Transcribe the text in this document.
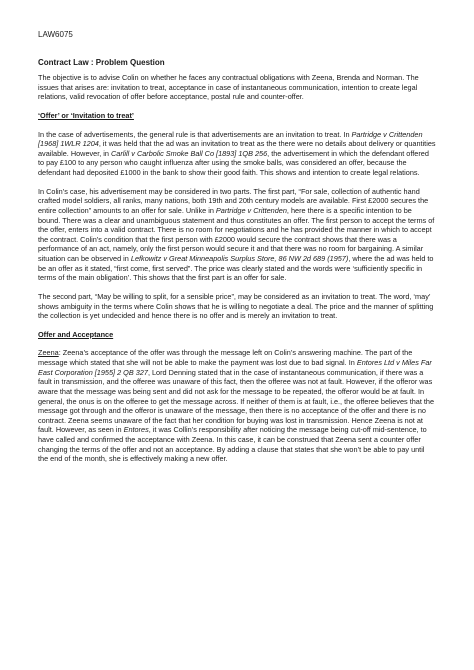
LAW6075
Contract Law : Problem Question

The objective is to advise Colin on whether he faces any contractual obligations with Zeena, Brenda and Norman. The issues that arises are: invitation to treat, acceptance in case of instantaneous communication, intention to create legal relations, valid revocation of offer before acceptance, postal rule and counter-offer.

‘Offer’ or ‘Invitation to treat’

In the case of advertisements, the general rule is that advertisements are an invitation to treat. In Partridge v Crittenden [1968] 1WLR 1204, it was held that the ad was an invitation to treat as the there were no details about delivery or quantities available. However, in Carlill v Carbolic Smoke Ball Co [1893] 1QB 256, the advertisement in which the defendant offered to pay £100 to any person who caught influenza after using the smoke balls, was considered an offer, because the defendant had deposited £1000 in the bank to show their good faith. This shows and intention to create legal relations.

In Colin’s case, his advertisement may be considered in two parts. The first part, “For sale, collection of authentic hand crafted model soldiers, all ranks, many nations, both 19th and 20th century models are available. First £2000 secures the entire collection” amounts to an offer for sale. Unlike in Partridge v Crittenden, here there is a specific intention to be bound. There was a clear and unambiguous statement and thus constitutes an offer. The first person to accept the terms of the offer, enters into a valid contract. There is no room for negotiations and he has provided the manner in which to accept the contract. Colin’s condition that the first person with £2000 would secure the contract shows that there was a performance of an act, namely, only the first person would secure it and that there was no room for bargaining. A similar situation can be observed in Lefkowitz v Great Minneapolis Surplus Store, 86 NW 2d 689 (1957), where the ad was held to be an offer as it stated, “first come, first served”. The price was clearly stated and the words were ‘sufficiently specific in terms of the main obligation’. This shows that the first part is an offer for sale.

The second part, “May be willing to split, for a sensible price”, may be considered as an invitation to treat. The word, ‘may’ shows ambiguity in the terms where Colin shows that he is willing to negotiate a deal. The price and the manner of splitting the collection is yet undecided and hence there is no offer and is merely an invitation to treat.

Offer and Acceptance

Zeena: Zeena’s acceptance of the offer was through the message left on Colin’s answering machine. The part of the message which stated that she will not be able to make the payment was lost due to bad signal. In Entores Ltd v Miles Far East Corporation [1955] 2 QB 327, Lord Denning stated that in the case of instantaneous communication, if there was a fault in transmission, and the offeree was unaware of this fact, then the offeree was not at fault. However, if the offeror was aware that the message was being sent and did not ask for the message to be repeated, the offeror would be at fault. In general, the onus is on the offeree to get the message across. If neither of them is at fault, i.e., the offeree believes that the message got through and the offeror is unaware of the message, then there is no acceptance of the offer and there is no contract. Zeena seems unaware of the fact that her condition for buying was lost in transmission. Hence Zeena is not at fault. However, as seen in Entores, it was Collin’s responsibility after noticing the message being cut-off mid-sentence, to have called and confirmed the acceptance with Zeena. In this case, it can be construed that Zeena sent a counter offer changing the terms of the offer and not an acceptance. By adding a clause that states that she won’t be able to pay until the end of the month, she is effectively making a new offer.
